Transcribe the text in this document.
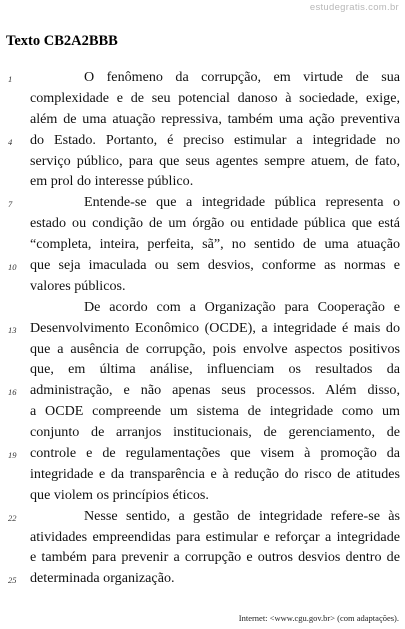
estudegratis.com.br
Texto CB2A2BBB
1	O fenômeno da corrupção, em virtude de sua
complexidade e de seu potencial danoso à sociedade, exige,
além de uma atuação repressiva, também uma ação preventiva
4	do Estado. Portanto, é preciso estimular a integridade no
serviço público, para que seus agentes sempre atuem, de fato,
em prol do interesse público.
7	Entende-se que a integridade pública representa o
estado ou condição de um órgão ou entidade pública que está
“completa, inteira, perfeita, sã”, no sentido de uma atuação
10 que seja imaculada ou sem desvios, conforme as normas e
valores públicos.
De acordo com a Organização para Cooperação e
13 Desenvolvimento Econômico (OCDE), a integridade é mais do
que a ausência de corrupção, pois envolve aspectos positivos
que, em última análise, influenciam os resultados da
16 administração, e não apenas seus processos. Além disso,
a OCDE compreende um sistema de integridade como um
conjunto de arranjos institucionais, de gerenciamento, de
19 controle e de regulamentações que visem à promoção da
integridade e da transparência e à redução do risco de atitudes
que violem os princípios éticos.
22	Nesse sentido, a gestão de integridade refere-se às
atividades empreendidas para estimular e reforçar a integridade
e também para prevenir a corrupção e outros desvios dentro de
25 determinada organização.
Internet: <www.cgu.gov.br> (com adaptações).
